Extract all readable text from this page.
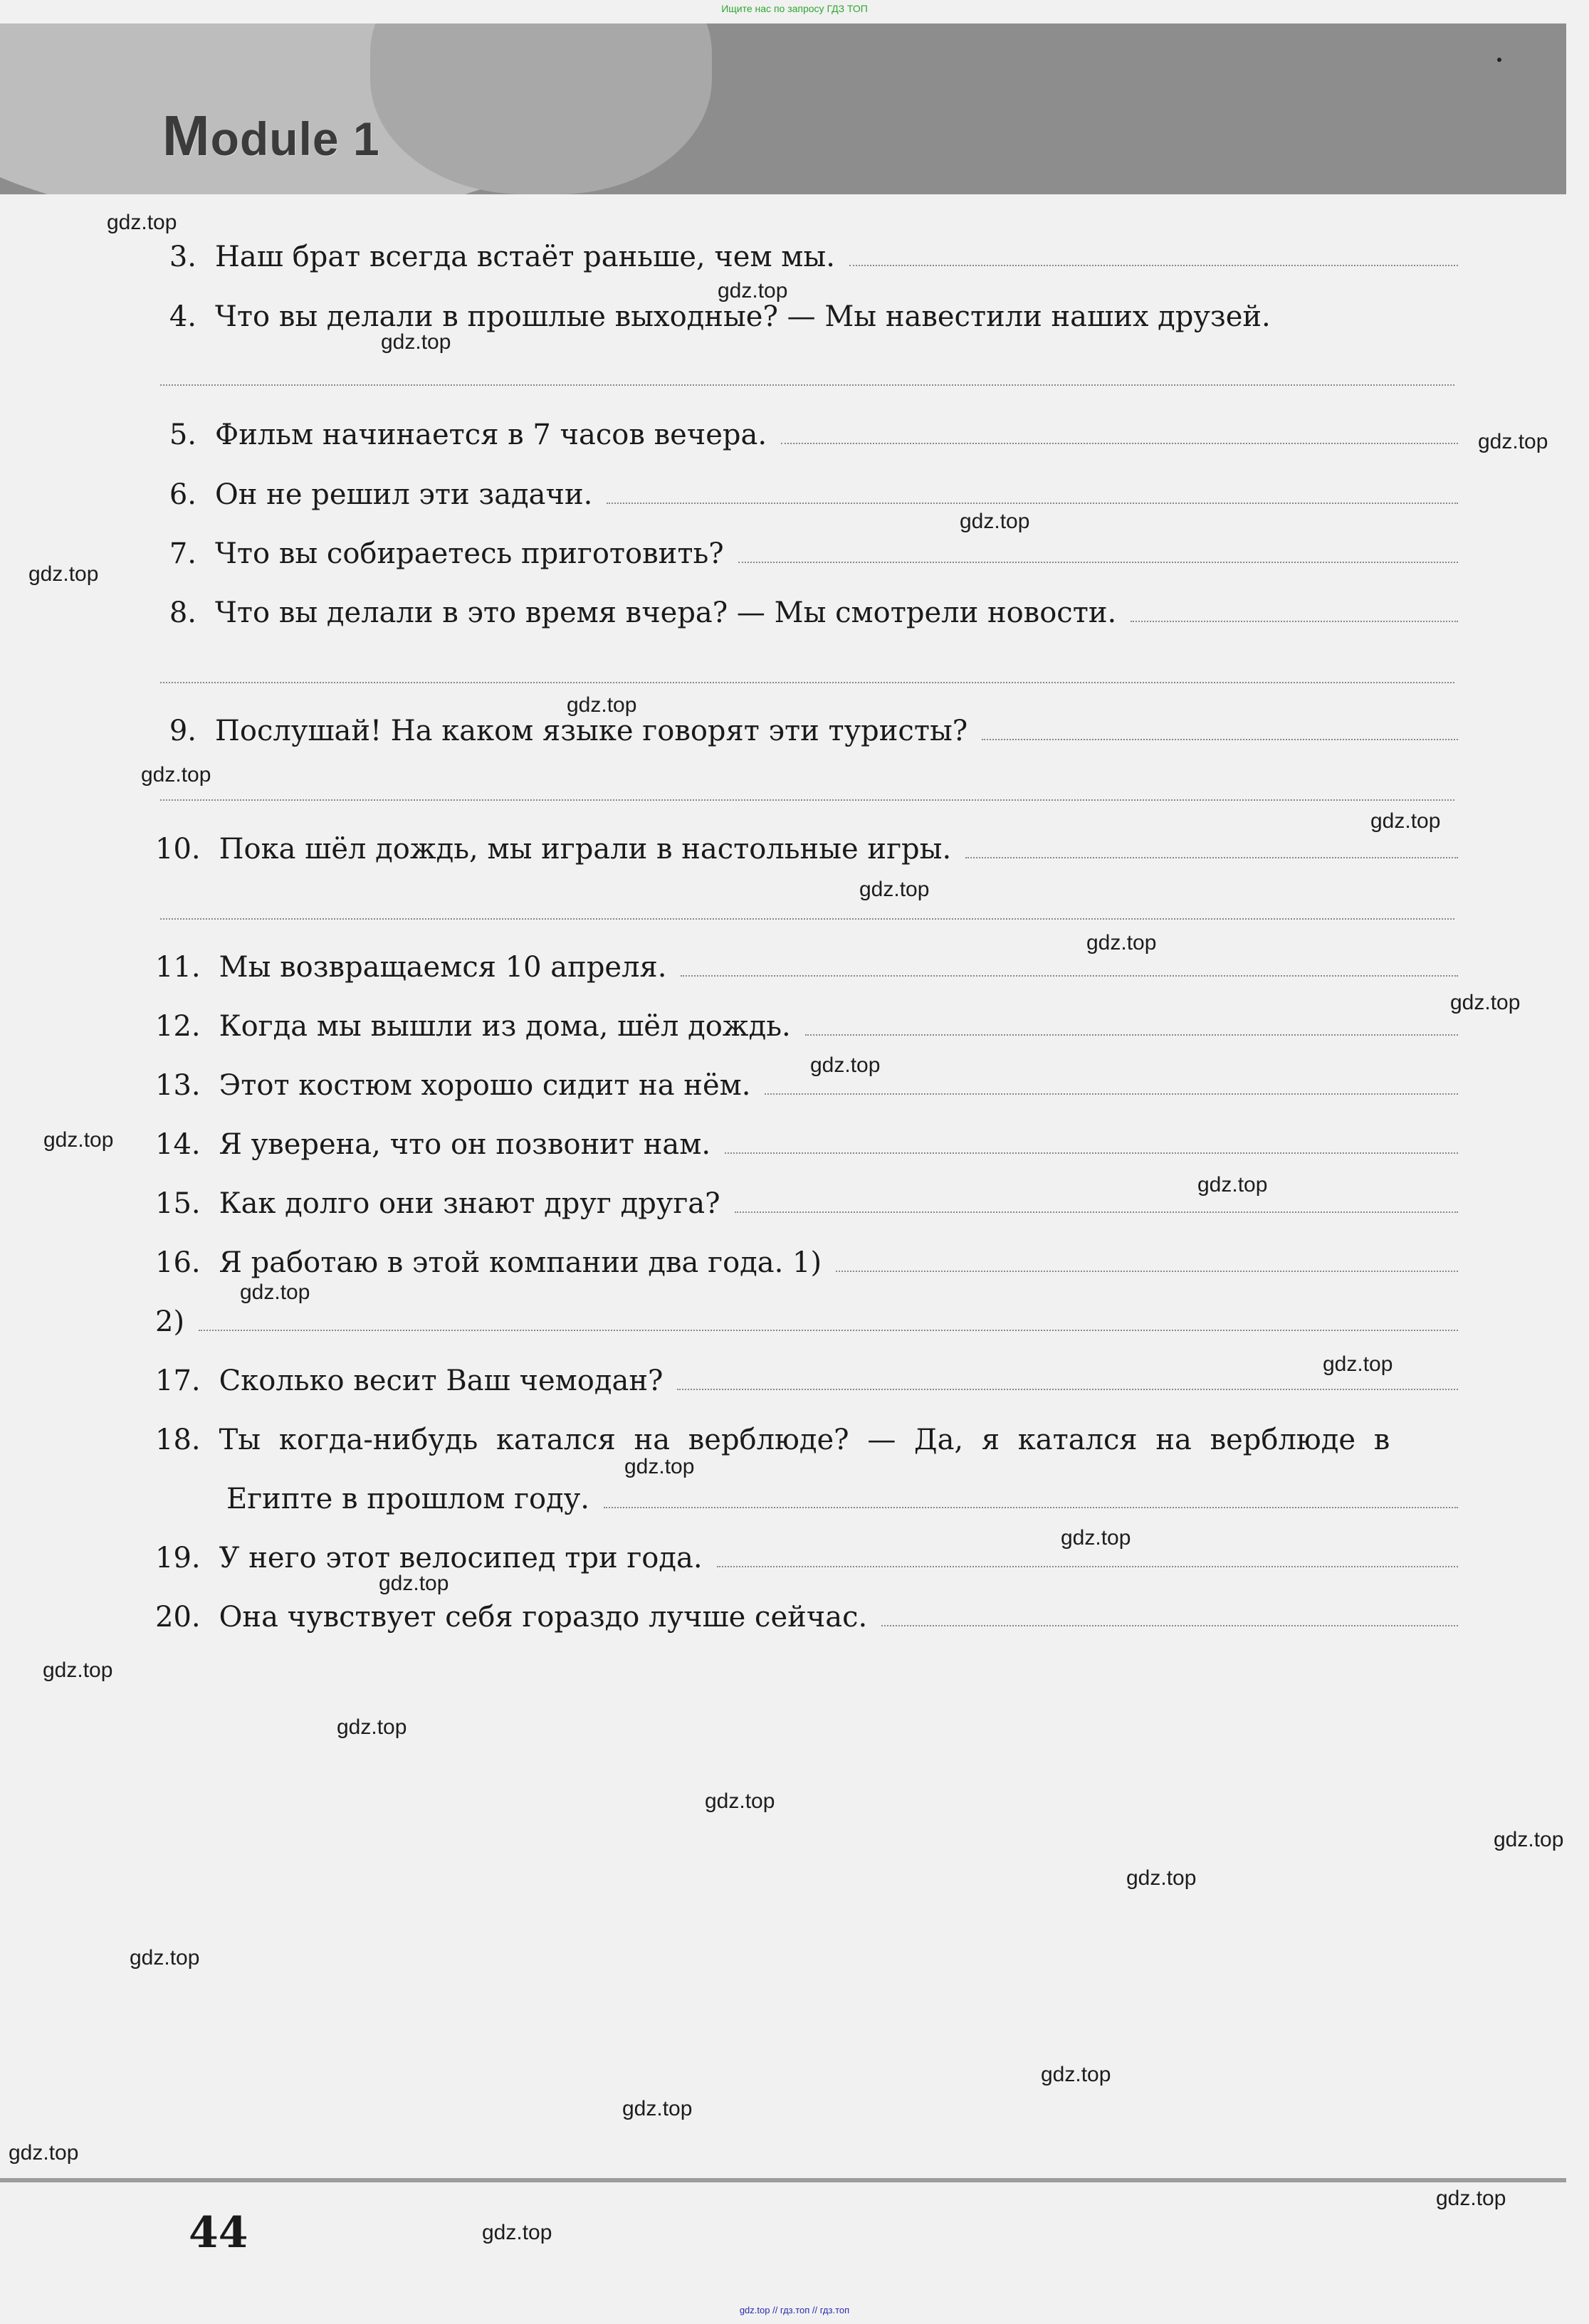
Ищите нас по запросу ГДЗ ТОП
Module 1
3. Наш брат всегда встаёт раньше, чем мы.
4. Что вы делали в прошлые выходные? — Мы навестили наших друзей.
5. Фильм начинается в 7 часов вечера.
6. Он не решил эти задачи.
7. Что вы собираетесь приготовить?
8. Что вы делали в это время вчера? — Мы смотрели новости.
9. Послушай! На каком языке говорят эти туристы?
10. Пока шёл дождь, мы играли в настольные игры.
11. Мы возвращаемся 10 апреля.
12. Когда мы вышли из дома, шёл дождь.
13. Этот костюм хорошо сидит на нём.
14. Я уверена, что он позвонит нам.
15. Как долго они знают друг друга?
16. Я работаю в этой компании два года. 1)
2)
17. Сколько весит Ваш чемодан?
18. Ты когда-нибудь катался на верблюде? — Да, я катался на верблюде в
Египте в прошлом году.
19. У него этот велосипед три года.
20. Она чувствует себя гораздо лучше сейчас.
gdz.top
gdz.top
gdz.top
gdz.top
gdz.top
gdz.top
gdz.top
gdz.top
gdz.top
gdz.top
gdz.top
gdz.top
gdz.top
gdz.top
gdz.top
gdz.top
gdz.top
gdz.top
gdz.top
gdz.top
gdz.top
gdz.top
gdz.top
gdz.top
gdz.top
gdz.top
gdz.top
gdz.top
gdz.top
gdz.top
gdz.top
44
gdz.top // гдз.топ // гдз.топ
